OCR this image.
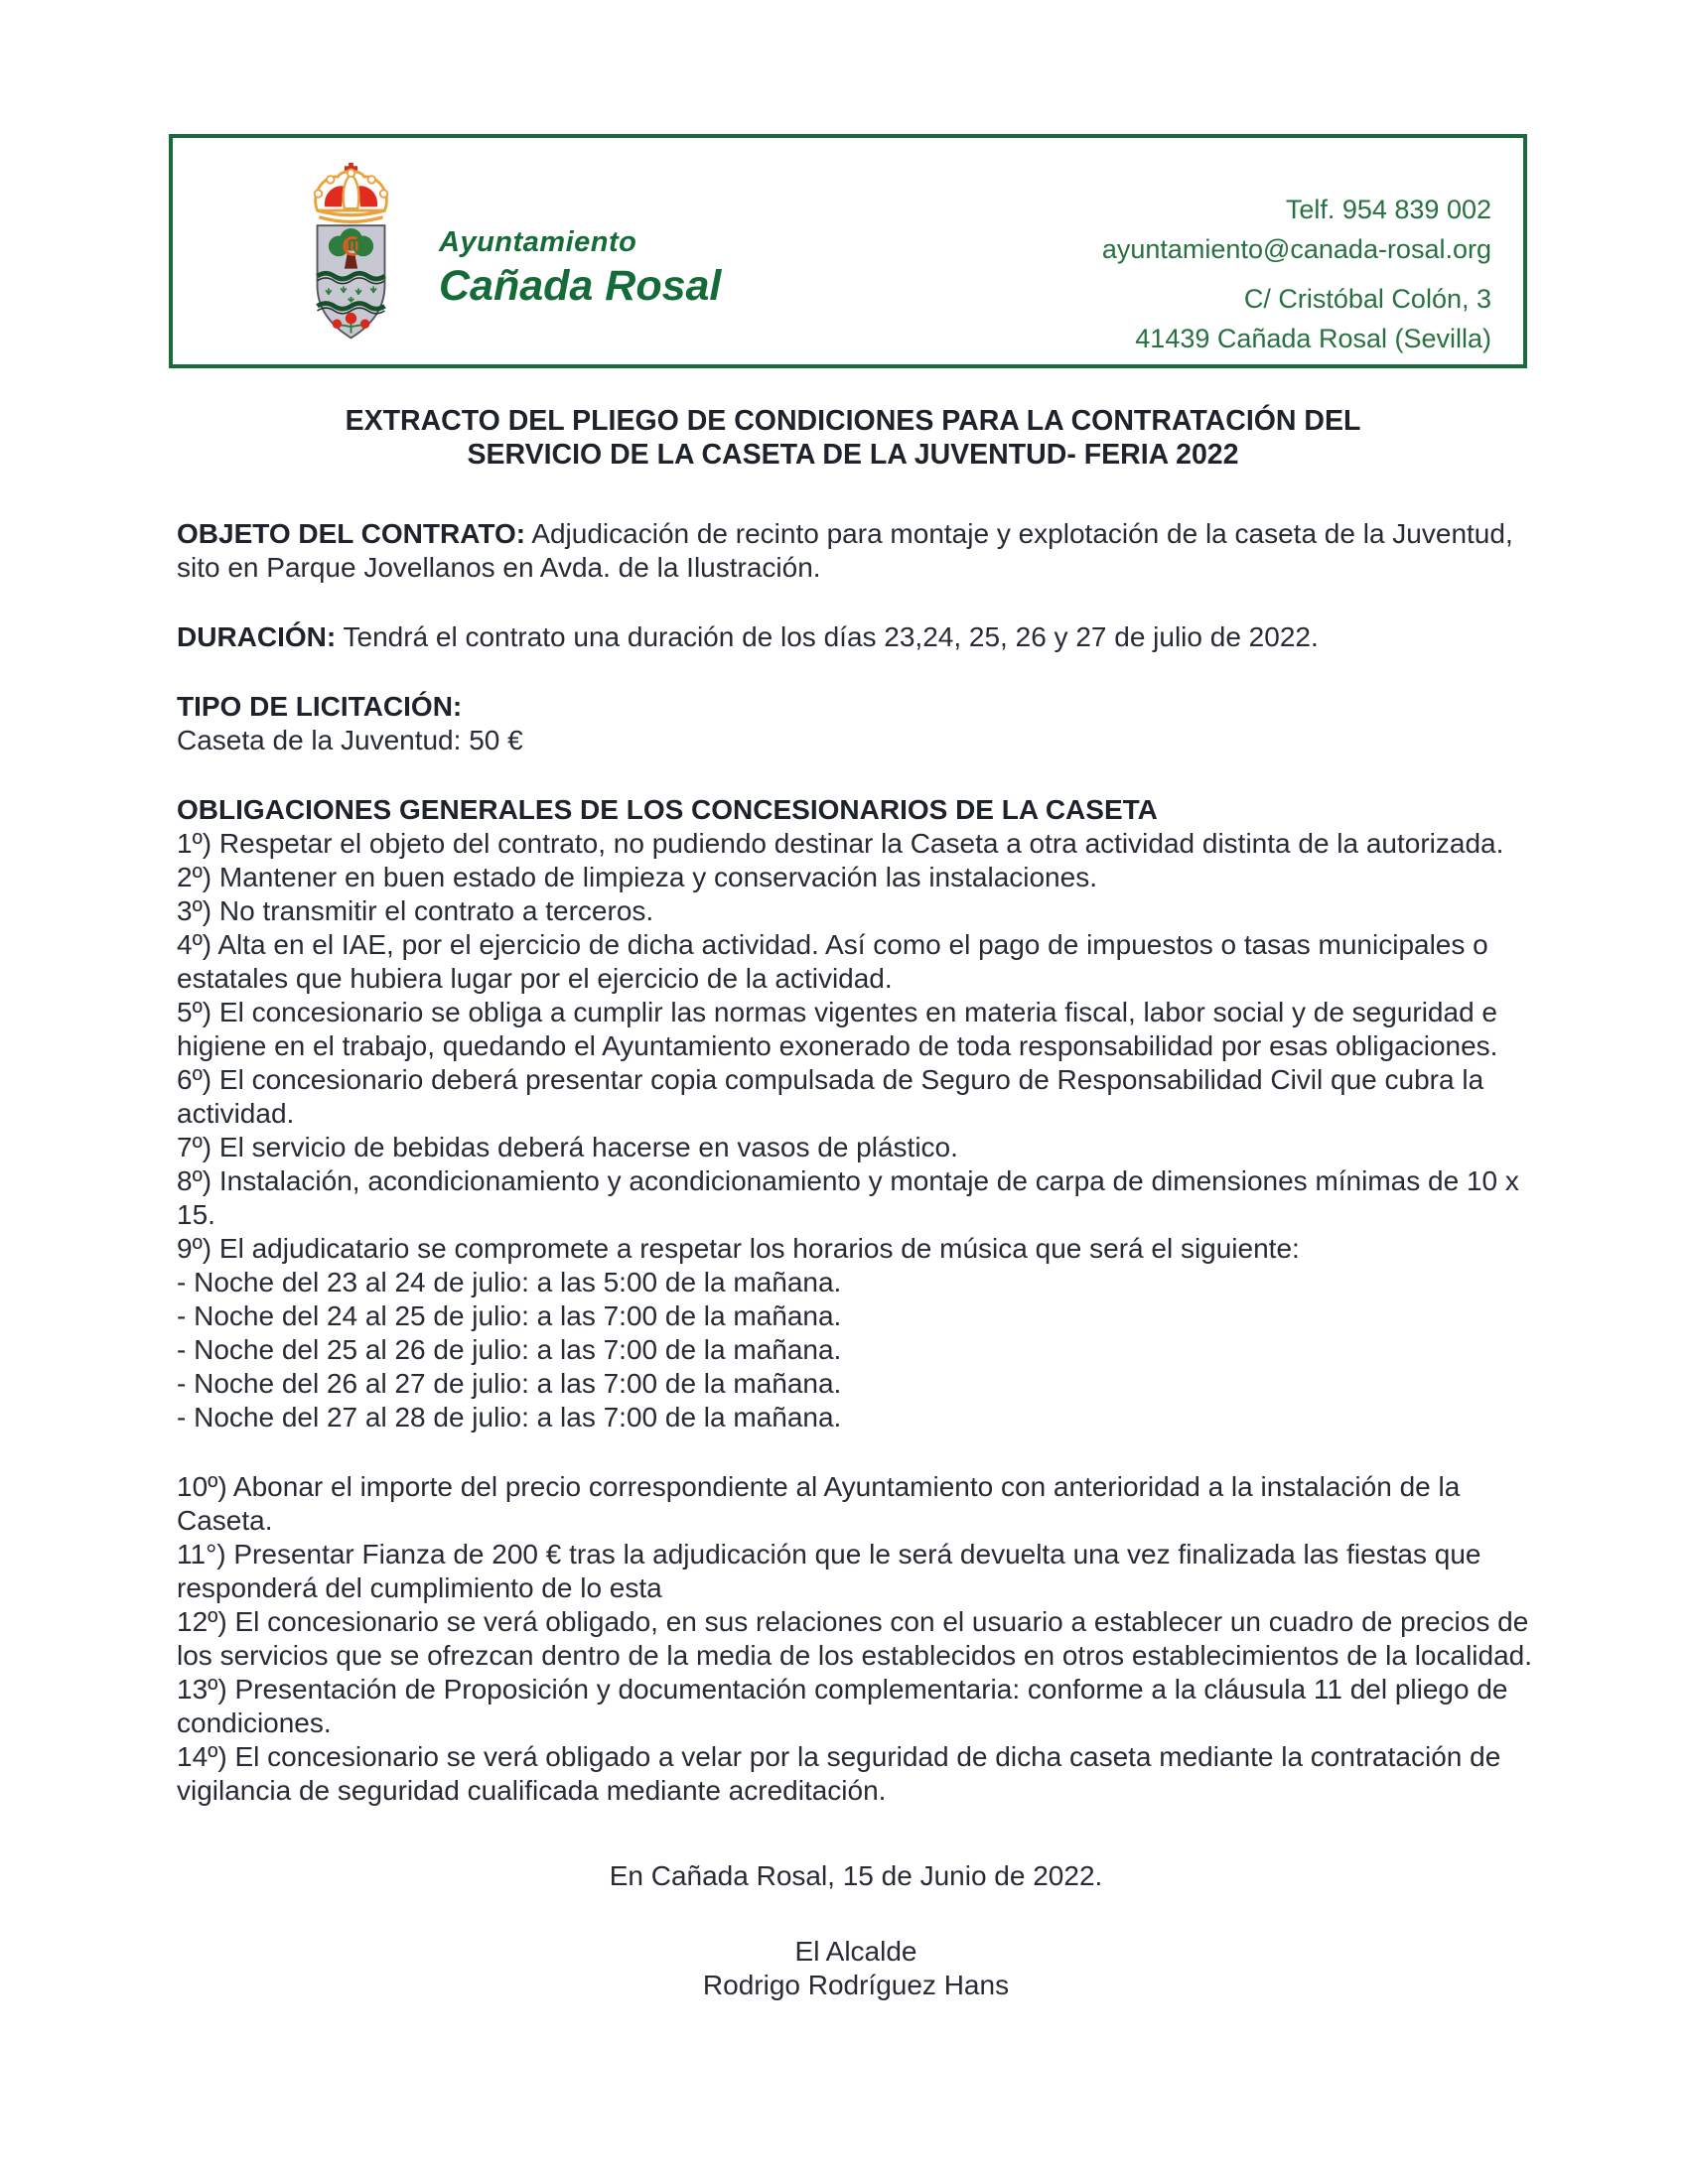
Ayuntamiento
Cañada Rosal
Telf. 954 839 002
ayuntamiento@canada-rosal.org
C/ Cristóbal Colón, 3
41439 Cañada Rosal (Sevilla)
EXTRACTO DEL PLIEGO DE CONDICIONES PARA LA CONTRATACIÓN DEL
SERVICIO DE LA CASETA DE LA JUVENTUD- FERIA 2022

OBJETO DEL CONTRATO: Adjudicación de recinto para montaje y explotación de la caseta de la Juventud, sito en Parque Jovellanos en Avda. de la Ilustración.

DURACIÓN: Tendrá el contrato una duración de los días 23,24, 25, 26 y 27 de julio de 2022.

TIPO DE LICITACIÓN:

Caseta de la Juventud: 50 €

OBLIGACIONES GENERALES DE LOS CONCESIONARIOS DE LA CASETA

1º) Respetar el objeto del contrato, no pudiendo destinar la Caseta a otra actividad distinta de la autorizada.

2º) Mantener en buen estado de limpieza y conservación las instalaciones.

3º) No transmitir el contrato a terceros.

4º) Alta en el IAE, por el ejercicio de dicha actividad. Así como el pago de impuestos o tasas municipales o estatales que hubiera lugar por el ejercicio de la actividad.

5º) El concesionario se obliga a cumplir las normas vigentes en materia fiscal, labor social y de seguridad e higiene en el trabajo, quedando el Ayuntamiento exonerado de toda responsabilidad por esas obligaciones.

6º) El concesionario deberá presentar copia compulsada de Seguro de Responsabilidad Civil que cubra la actividad.

7º) El servicio de bebidas deberá hacerse en vasos de plástico.

8º) Instalación, acondicionamiento y acondicionamiento y montaje de carpa de dimensiones mínimas de 10 x 15.

9º) El adjudicatario se compromete a respetar los horarios de música que será el siguiente:

- Noche del 23 al 24 de julio: a las 5:00 de la mañana.

- Noche del 24 al 25 de julio: a las 7:00 de la mañana.

- Noche del 25 al 26 de julio: a las 7:00 de la mañana.

- Noche del 26 al 27 de julio: a las 7:00 de la mañana.

- Noche del 27 al 28 de julio: a las 7:00 de la mañana.

10º) Abonar el importe del precio correspondiente al Ayuntamiento con anterioridad a la instalación de la Caseta.

11°) Presentar Fianza de 200 € tras la adjudicación que le será devuelta una vez finalizada las fiestas que responderá del cumplimiento de lo esta

12º) El concesionario se verá obligado, en sus relaciones con el usuario a establecer un cuadro de precios de los servicios que se ofrezcan dentro de la media de los establecidos en otros establecimientos de la localidad.

13º) Presentación de Proposición y documentación complementaria: conforme a la cláusula 11 del pliego de condiciones.

14º) El concesionario se verá obligado a velar por la seguridad de dicha caseta mediante la contratación de vigilancia de seguridad cualificada mediante acreditación.

En Cañada Rosal, 15 de Junio de 2022.

El Alcalde

Rodrigo Rodríguez Hans
